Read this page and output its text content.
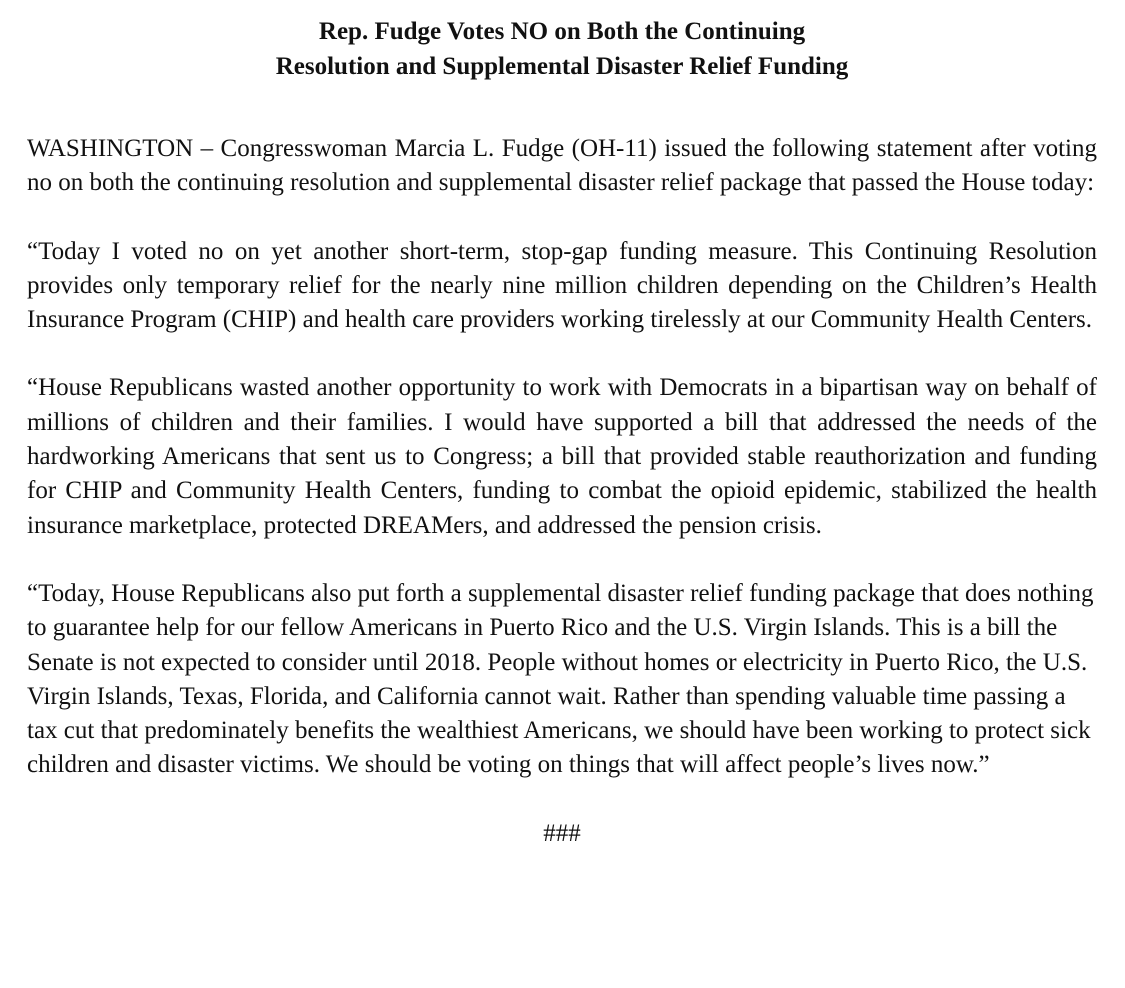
Rep. Fudge Votes NO on Both the Continuing
Resolution and Supplemental Disaster Relief Funding

WASHINGTON – Congresswoman Marcia L. Fudge (OH-11) issued the following statement after voting no on both the continuing resolution and supplemental disaster relief package that passed the House today:

“Today I voted no on yet another short-term, stop-gap funding measure. This Continuing Resolution provides only temporary relief for the nearly nine million children depending on the Children’s Health Insurance Program (CHIP) and health care providers working tirelessly at our Community Health Centers.

“House Republicans wasted another opportunity to work with Democrats in a bipartisan way on behalf of millions of children and their families. I would have supported a bill that addressed the needs of the hardworking Americans that sent us to Congress; a bill that provided stable reauthorization and funding for CHIP and Community Health Centers, funding to combat the opioid epidemic, stabilized the health insurance marketplace, protected DREAMers, and addressed the pension crisis.

“Today, House Republicans also put forth a supplemental disaster relief funding package that does nothing to guarantee help for our fellow Americans in Puerto Rico and the U.S. Virgin Islands. This is a bill the Senate is not expected to consider until 2018. People without homes or electricity in Puerto Rico, the U.S. Virgin Islands, Texas, Florida, and California cannot wait. Rather than spending valuable time passing a tax cut that predominately benefits the wealthiest Americans, we should have been working to protect sick children and disaster victims. We should be voting on things that will affect people’s lives now.”

###
